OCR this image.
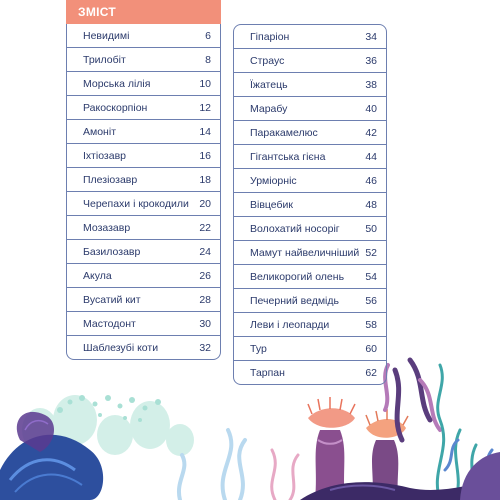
ЗМІСТ
Невидимі	6
Трилобіт	8
Морська лілія	10
Ракоскорпіон	12
Амоніт	14
Іхтіозавр	16
Плезіозавр	18
Черепахи і крокодили 20
Мозазавр	22
Базилозавр	24
Акула	26
Вусатий кит	28
Мастодонт	30
Шаблезубі коти	32
Гіпаріон	34
Страус	36
Їжатець	38
Марабу	40
Паракамелюс	42
Гігантська гієна	44
Урміорніс	46
Вівцебик	48
Волохатий носоріг 50
Мамут найвеличніший 52
Великорогий олень 54
Печерний ведмідь	56
Леви і леопарди	58
Тур	60
Тарпан	62
